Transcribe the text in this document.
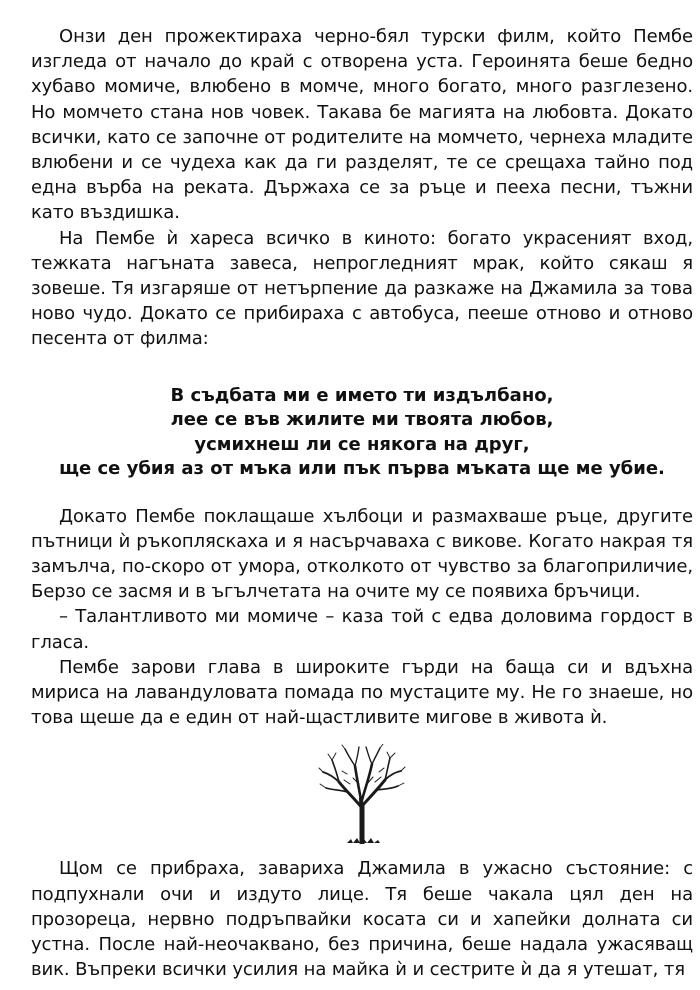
Онзи ден прожектираха черно-бял турски филм, който Пембе изгледа от начало до край с отворена уста. Героинята беше бедно хубаво момиче, влюбено в момче, много богато, много разглезено. Но момчето стана нов човек. Такава бе магията на любовта. Докато всички, като се започне от родителите на момчето, чернеха младите влюбени и се чудеха как да ги разделят, те се срещаха тайно под една върба на реката. Държаха се за ръце и пееха песни, тъжни като въздишка.

На Пембе ѝ хареса всичко в киното: богато украсеният вход, тежката нагъната завеса, непрогледният мрак, който сякаш я зовеше. Тя изгаряше от нетърпение да разкаже на Джамила за това ново чудо. Докато се прибираха с автобуса, пееше отново и отново песента от филма:

В съдбата ми е името ти издълбано,
лее се във жилите ми твоята любов,
усмихнеш ли се някога на друг,
ще се убия аз от мъка или пък първа мъката ще ме убие.

Докато Пембе поклащаше хълбоци и размахваше ръце, другите пътници ѝ ръкопляскаха и я насърчаваха с викове. Когато накрая тя замълча, по-скоро от умора, отколкото от чувство за благоприличие, Берзо се засмя и в ъгълчетата на очите му се появиха бръчици.

– Талантливото ми момиче – каза той с едва доловима гордост в гласа.

Пембе зарови глава в широките гърди на баща си и вдъхна мириса на лавандуловата помада по мустаците му. Не го знаеше, но това щеше да е един от най-щастливите мигове в живота ѝ.

Щом се прибраха, завариха Джамила в ужасно състояние: с подпухнали очи и издуто лице. Тя беше чакала цял ден на прозореца, нервно подръпвайки косата си и хапейки долната си устна. После най-неочаквано, без причина, беше надала ужасяващ вик. Въпреки всички усилия на майка ѝ и сестрите ѝ да я утешат, тя
